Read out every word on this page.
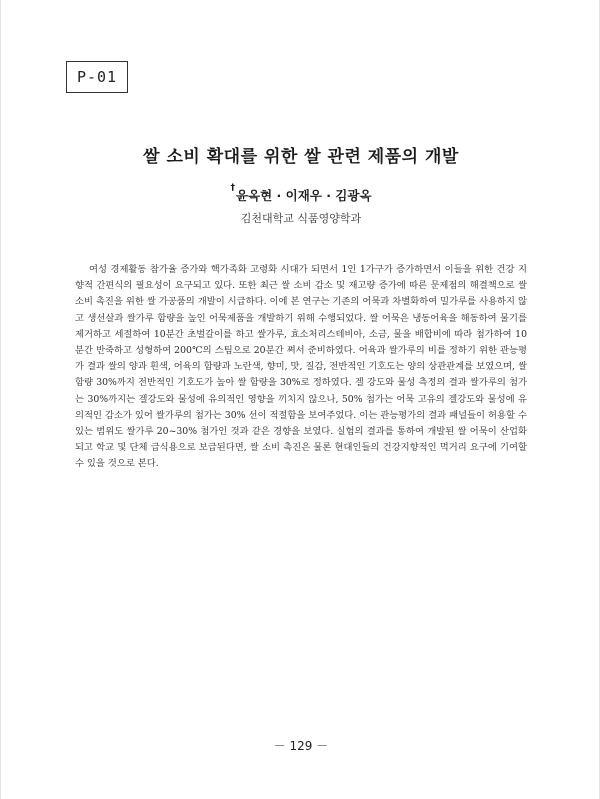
P-01
쌀 소비 확대를 위한 쌀 관련 제품의 개발
†윤옥현 · 이재우 · 김광옥
김천대학교 식품영양학과

여성 경제활동 참가율 증가와 핵가족화 고령화 시대가 되면서 1인 1가구가 증가하면서 이들을 위한 건강 지향적 간편식의 필요성이 요구되고 있다. 또한 최근 쌀 소비 감소 및 재고량 증가에 따른 문제점의 해결책으로 쌀 소비 촉진을 위한 쌀 가공품의 개발이 시급하다. 이에 본 연구는 기존의 어묵과 차별화하여 밀가루를 사용하지 않고 생선살과 쌀가루 함량을 높인 어묵제품을 개발하기 위해 수행되었다. 쌀 어묵은 냉동어육을 해동하여 물기를 제거하고 세절하여 10분간 초벌갈이를 하고 쌀가루, 효소처리스테비아, 소금, 물을 배합비에 따라 첨가하여 10분간 반죽하고 성형하여 200℃의 스팀으로 20분간 쪄서 준비하였다. 어육과 쌀가루의 비를 정하기 위한 관능평가 결과 쌀의 양과 흰색, 어육의 함량과 노란색, 향미, 맛, 질감, 전반적인 기호도는 양의 상관관계를 보였으며, 쌀 함량 30%까지 전반적인 기호도가 높아 쌀 함량을 30%로 정하였다. 겔 강도와 물성 측정의 결과 쌀가루의 첨가는 30%까지는 겔강도와 물성에 유의적인 영향을 끼치지 않으나, 50% 첨가는 어묵 고유의 겔강도와 물성에 유의적인 감소가 있어 쌀가루의 첨가는 30% 선이 적절함을 보여주었다. 이는 관능평가의 결과 패널들이 허용할 수 있는 범위도 쌀가루 20~30% 첨가인 것과 같은 경향을 보였다. 실험의 결과를 통하여 개발된 쌀 어묵이 산업화되고 학교 및 단체 급식용으로 보급된다면, 쌀 소비 촉진은 물론 현대인들의 건강지향적인 먹거리 요구에 기여할 수 있을 것으로 본다.

－ 129 －
